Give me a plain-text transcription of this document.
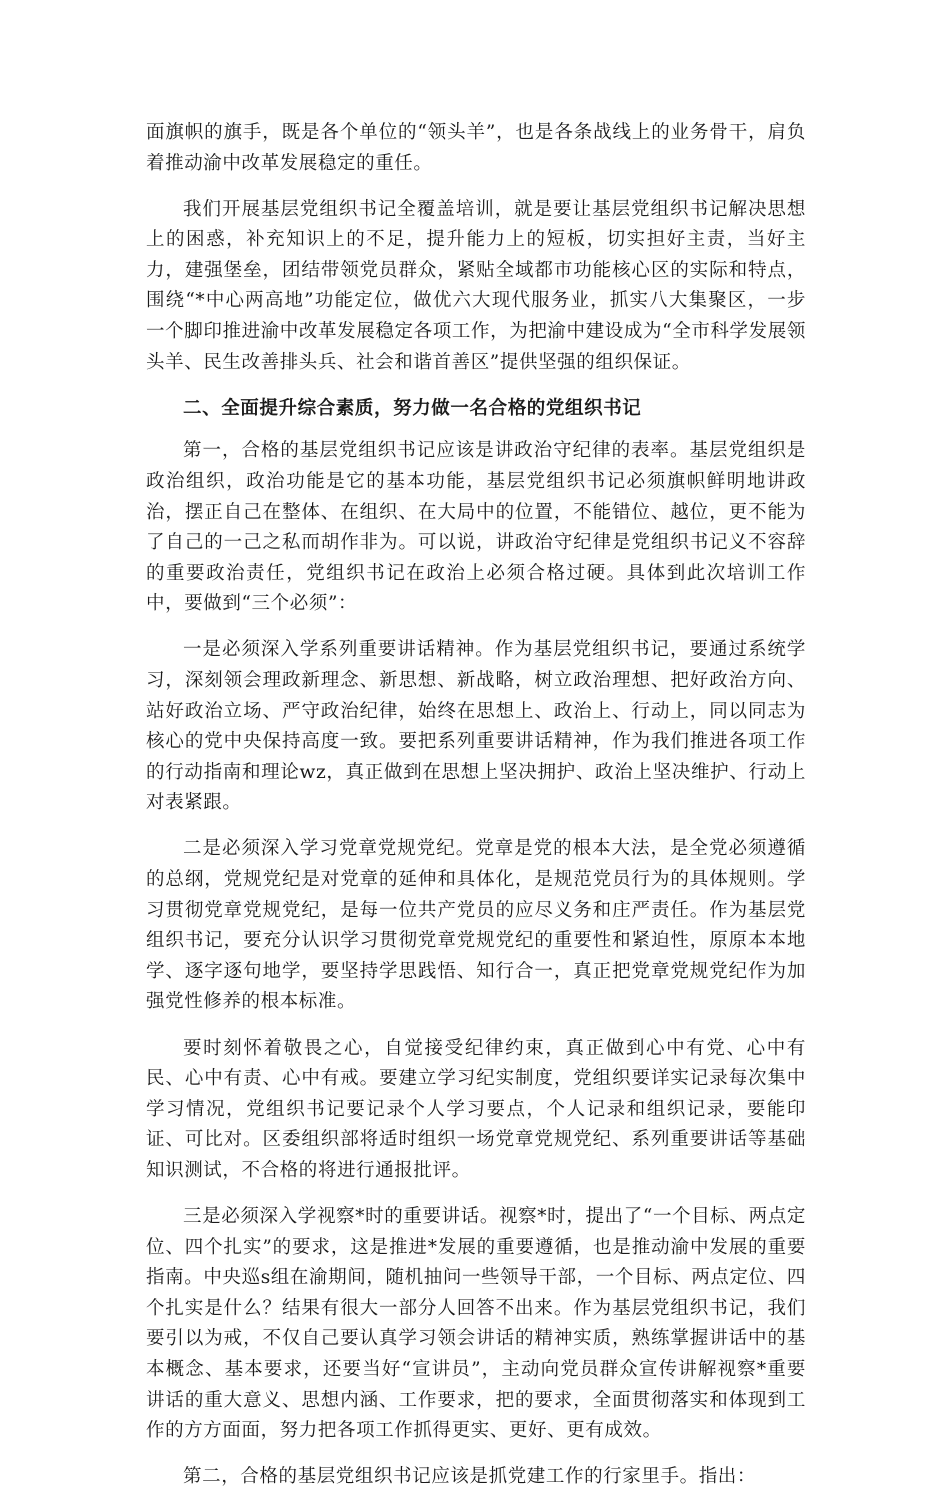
面旗帜的旗手，既是各个单位的“领头羊”，也是各条战线上的业务骨干，肩负着推动渝中改革发展稳定的重任。

我们开展基层党组织书记全覆盖培训，就是要让基层党组织书记解决思想上的困惑，补充知识上的不足，提升能力上的短板，切实担好主责，当好主力，建强堡垒，团结带领党员群众，紧贴全域都市功能核心区的实际和特点，围绕“*中心两高地”功能定位，做优六大现代服务业，抓实八大集聚区，一步一个脚印推进渝中改革发展稳定各项工作，为把渝中建设成为“全市科学发展领头羊、民生改善排头兵、社会和谐首善区”提供坚强的组织保证。

二、全面提升综合素质，努力做一名合格的党组织书记

第一，合格的基层党组织书记应该是讲政治守纪律的表率。基层党组织是政治组织，政治功能是它的基本功能，基层党组织书记必须旗帜鲜明地讲政治，摆正自己在整体、在组织、在大局中的位置，不能错位、越位，更不能为了自己的一己之私而胡作非为。可以说，讲政治守纪律是党组织书记义不容辞的重要政治责任，党组织书记在政治上必须合格过硬。具体到此次培训工作中，要做到“三个必须”：

一是必须深入学系列重要讲话精神。作为基层党组织书记，要通过系统学习，深刻领会理政新理念、新思想、新战略，树立政治理想、把好政治方向、站好政治立场、严守政治纪律，始终在思想上、政治上、行动上，同以同志为核心的党中央保持高度一致。要把系列重要讲话精神，作为我们推进各项工作的行动指南和理论wz，真正做到在思想上坚决拥护、政治上坚决维护、行动上对表紧跟。

二是必须深入学习党章党规党纪。党章是党的根本大法，是全党必须遵循的总纲，党规党纪是对党章的延伸和具体化，是规范党员行为的具体规则。学习贯彻党章党规党纪，是每一位共产党员的应尽义务和庄严责任。作为基层党组织书记，要充分认识学习贯彻党章党规党纪的重要性和紧迫性，原原本本地学、逐字逐句地学，要坚持学思践悟、知行合一，真正把党章党规党纪作为加强党性修养的根本标准。

要时刻怀着敬畏之心，自觉接受纪律约束，真正做到心中有党、心中有民、心中有责、心中有戒。要建立学习纪实制度，党组织要详实记录每次集中学习情况，党组织书记要记录个人学习要点，个人记录和组织记录，要能印证、可比对。区委组织部将适时组织一场党章党规党纪、系列重要讲话等基础知识测试，不合格的将进行通报批评。

三是必须深入学视察*时的重要讲话。视察*时，提出了“一个目标、两点定位、四个扎实”的要求，这是推进*发展的重要遵循，也是推动渝中发展的重要指南。中央巡s组在渝期间，随机抽问一些领导干部，一个目标、两点定位、四个扎实是什么？结果有很大一部分人回答不出来。作为基层党组织书记，我们要引以为戒，不仅自己要认真学习领会讲话的精神实质，熟练掌握讲话中的基本概念、基本要求，还要当好“宣讲员”，主动向党员群众宣传讲解视察*重要讲话的重大意义、思想内涵、工作要求，把的要求，全面贯彻落实和体现到工作的方方面面，努力把各项工作抓得更实、更好、更有成效。

第二，合格的基层党组织书记应该是抓党建工作的行家里手。指出：
